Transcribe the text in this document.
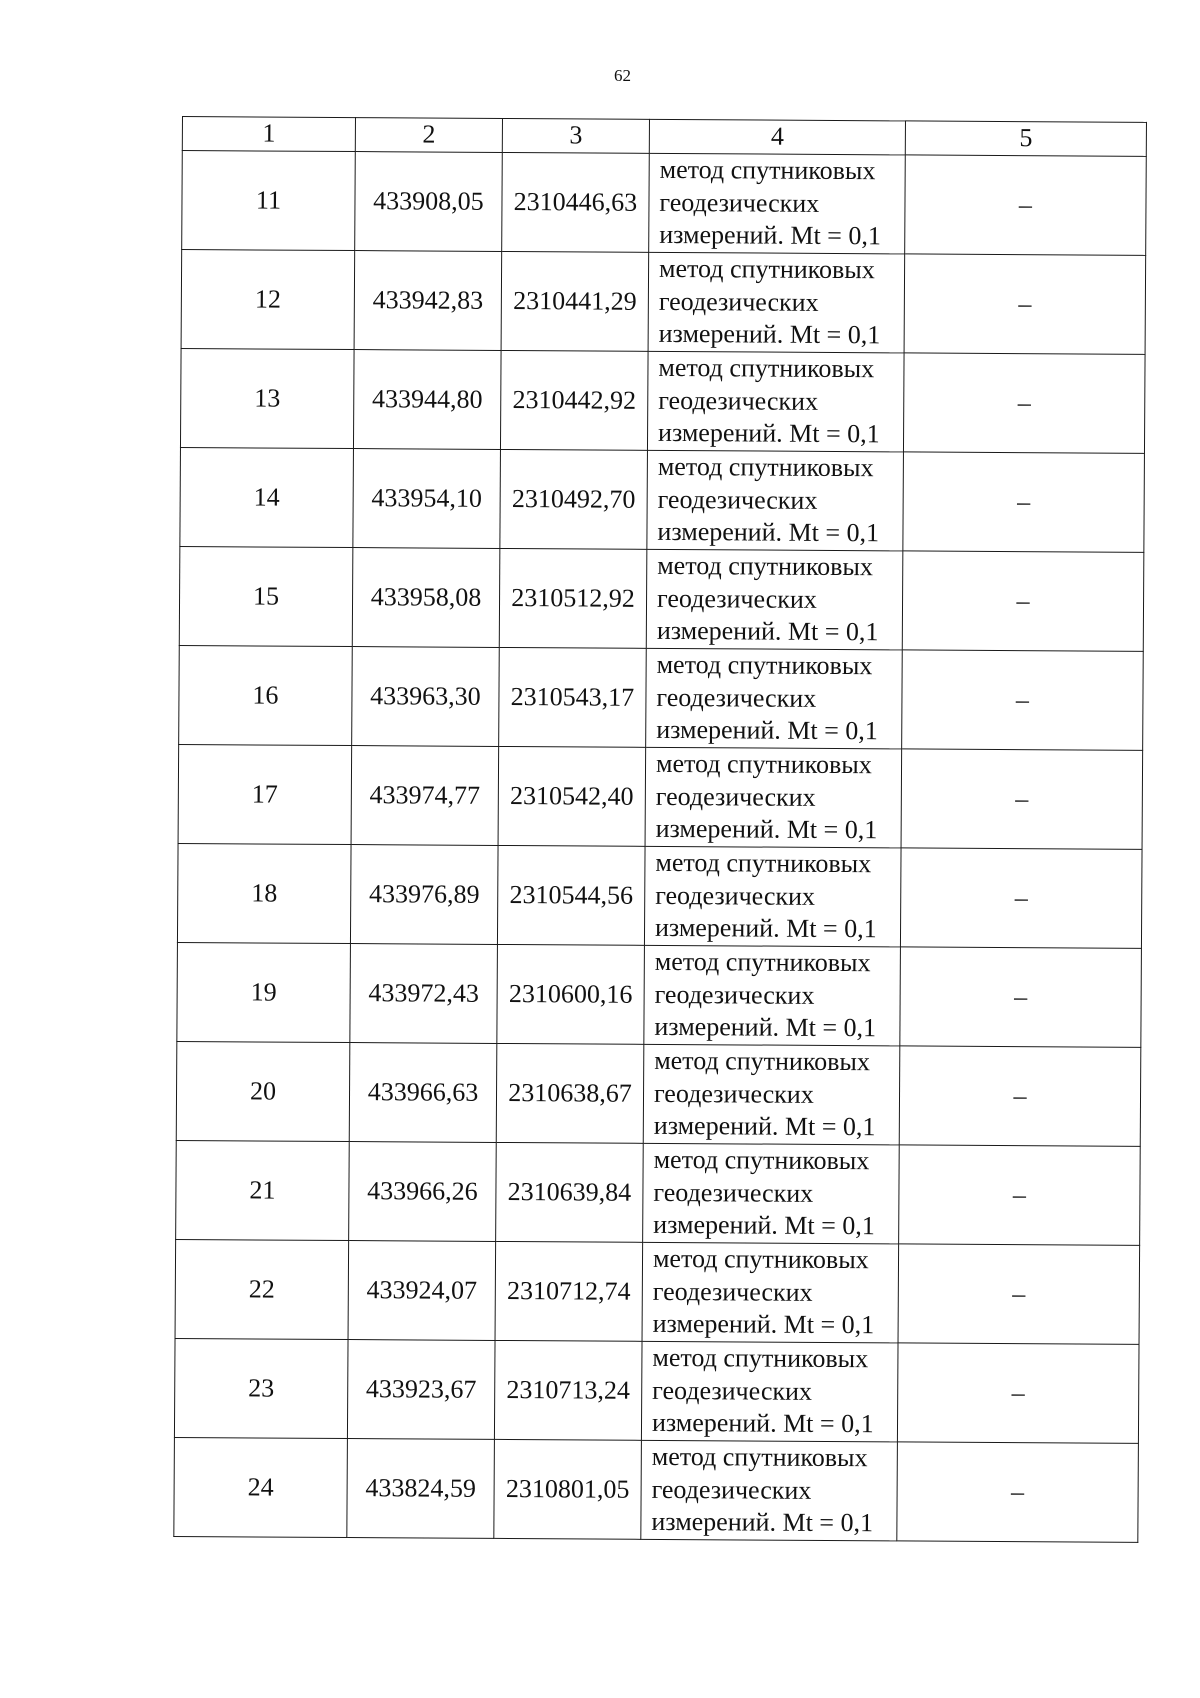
62
1	2	3	4	5
11	433908,05	2310446,63	метод спутниковых
геодезических
измерений. Mt = 0,1	–
12	433942,83	2310441,29	метод спутниковых
геодезических
измерений. Mt = 0,1	–
13	433944,80	2310442,92	метод спутниковых
геодезических
измерений. Mt = 0,1	–
14	433954,10	2310492,70	метод спутниковых
геодезических
измерений. Mt = 0,1	–
15	433958,08	2310512,92	метод спутниковых
геодезических
измерений. Mt = 0,1	–
16	433963,30	2310543,17	метод спутниковых
геодезических
измерений. Mt = 0,1	–
17	433974,77	2310542,40	метод спутниковых
геодезических
измерений. Mt = 0,1	–
18	433976,89	2310544,56	метод спутниковых
геодезических
измерений. Mt = 0,1	–
19	433972,43	2310600,16	метод спутниковых
геодезических
измерений. Mt = 0,1	–
20	433966,63	2310638,67	метод спутниковых
геодезических
измерений. Mt = 0,1	–
21	433966,26	2310639,84	метод спутниковых
геодезических
измерений. Mt = 0,1	–
22	433924,07	2310712,74	метод спутниковых
геодезических
измерений. Mt = 0,1	–
23	433923,67	2310713,24	метод спутниковых
геодезических
измерений. Mt = 0,1	–
24	433824,59	2310801,05	метод спутниковых
геодезических
измерений. Mt = 0,1	–
